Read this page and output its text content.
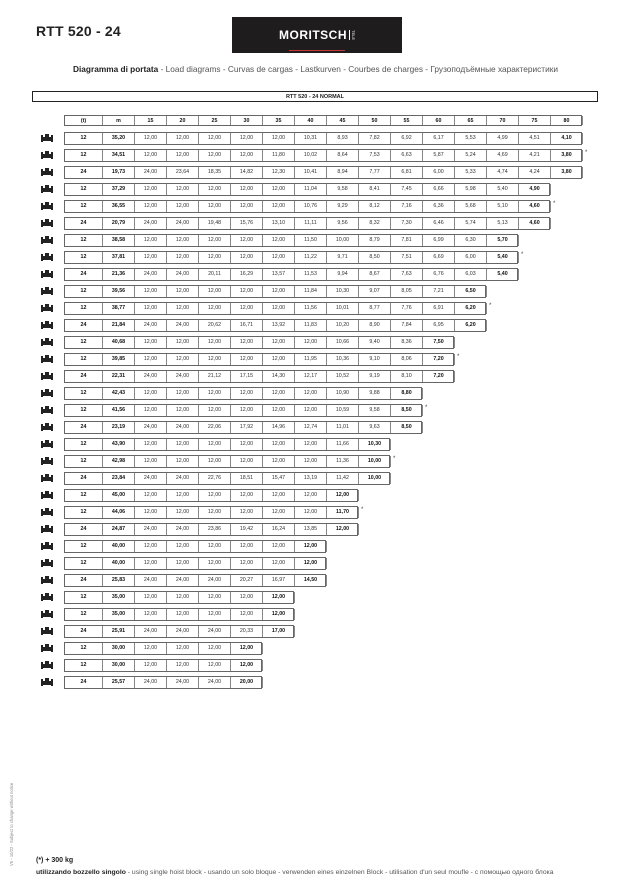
RTT 520 - 24	MORITSCH	TELE
Diagramma di portata - Load diagrams - Curvas de cargas - Lastkurven - Courbes de charges - Грузоподъёмные характеристики
RTT 520 - 24 NORMAL
(t)	m	15	20	25	30	35	40	45	50	55	60	65	70	75	80
12	35,20	12,00	12,00	12,00	12,00	12,00	10,31	8,93	7,82	6,92	6,17	5,53	4,99	4,51	4,10
12	34,51	12,00	12,00	12,00	12,00	11,80	10,02	8,64	7,53	6,63	5,87	5,24	4,69	4,21	3,80	*
24	19,73	24,00	23,64	18,35	14,82	12,30	10,41	8,94	7,77	6,81	6,00	5,33	4,74	4,24	3,80
12	37,29	12,00	12,00	12,00	12,00	12,00	11,04	9,58	8,41	7,45	6,66	5,98	5,40	4,90
12	36,55	12,00	12,00	12,00	12,00	12,00	10,76	9,29	8,12	7,16	6,36	5,68	5,10	4,60	*
24	20,79	24,00	24,00	19,48	15,76	13,10	11,11	9,56	8,32	7,30	6,46	5,74	5,13	4,60
12	38,58	12,00	12,00	12,00	12,00	12,00	11,50	10,00	8,79	7,81	6,99	6,30	5,70
12	37,81	12,00	12,00	12,00	12,00	12,00	11,22	9,71	8,50	7,51	6,69	6,00	5,40	*
24	21,36	24,00	24,00	20,11	16,29	13,57	11,53	9,94	8,67	7,63	6,76	6,03	5,40
12	39,56	12,00	12,00	12,00	12,00	12,00	11,84	10,30	9,07	8,05	7,21	6,50
12	38,77	12,00	12,00	12,00	12,00	12,00	11,56	10,01	8,77	7,76	6,91	6,20	*
24	21,84	24,00	24,00	20,62	16,71	13,92	11,83	10,20	8,90	7,84	6,95	6,20
12	40,68	12,00	12,00	12,00	12,00	12,00	12,00	10,66	9,40	8,36	7,50
12	39,85	12,00	12,00	12,00	12,00	12,00	11,95	10,36	9,10	8,06	7,20	*
24	22,31	24,00	24,00	21,12	17,15	14,30	12,17	10,52	9,19	8,10	7,20
12	42,43	12,00	12,00	12,00	12,00	12,00	12,00	10,90	9,88	8,80
12	41,56	12,00	12,00	12,00	12,00	12,00	12,00	10,59	9,58	8,50	*
24	23,19	24,00	24,00	22,06	17,92	14,96	12,74	11,01	9,63	8,50
12	43,90	12,00	12,00	12,00	12,00	12,00	12,00	11,66	10,30
12	42,98	12,00	12,00	12,00	12,00	12,00	12,00	11,36	10,00	*
24	23,84	24,00	24,00	22,76	18,51	15,47	13,19	11,42	10,00
12	45,00	12,00	12,00	12,00	12,00	12,00	12,00	12,00
12	44,06	12,00	12,00	12,00	12,00	12,00	12,00	11,70	*
24	24,87	24,00	24,00	23,86	19,42	16,24	13,85	12,00
12	40,00	12,00	12,00	12,00	12,00	12,00	12,00
12	40,00	12,00	12,00	12,00	12,00	12,00	12,00
24	25,83	24,00	24,00	24,00	20,27	16,97	14,50
12	35,00	12,00	12,00	12,00	12,00	12,00
12	35,00	12,00	12,00	12,00	12,00	12,00
24	25,91	24,00	24,00	24,00	20,33	17,00
12	30,00	12,00	12,00	12,00	12,00
12	30,00	12,00	12,00	12,00	12,00
24	25,57	24,00	24,00	24,00	20,00
V5 - 10/22 - Subject to change without notice	(*) + 300 kg
utilizzando bozzello singolo - using single hoist block - usando un solo bloque - verwenden eines einzelnen Block - utilisation d'un seul moufle - с помощью одного блока
